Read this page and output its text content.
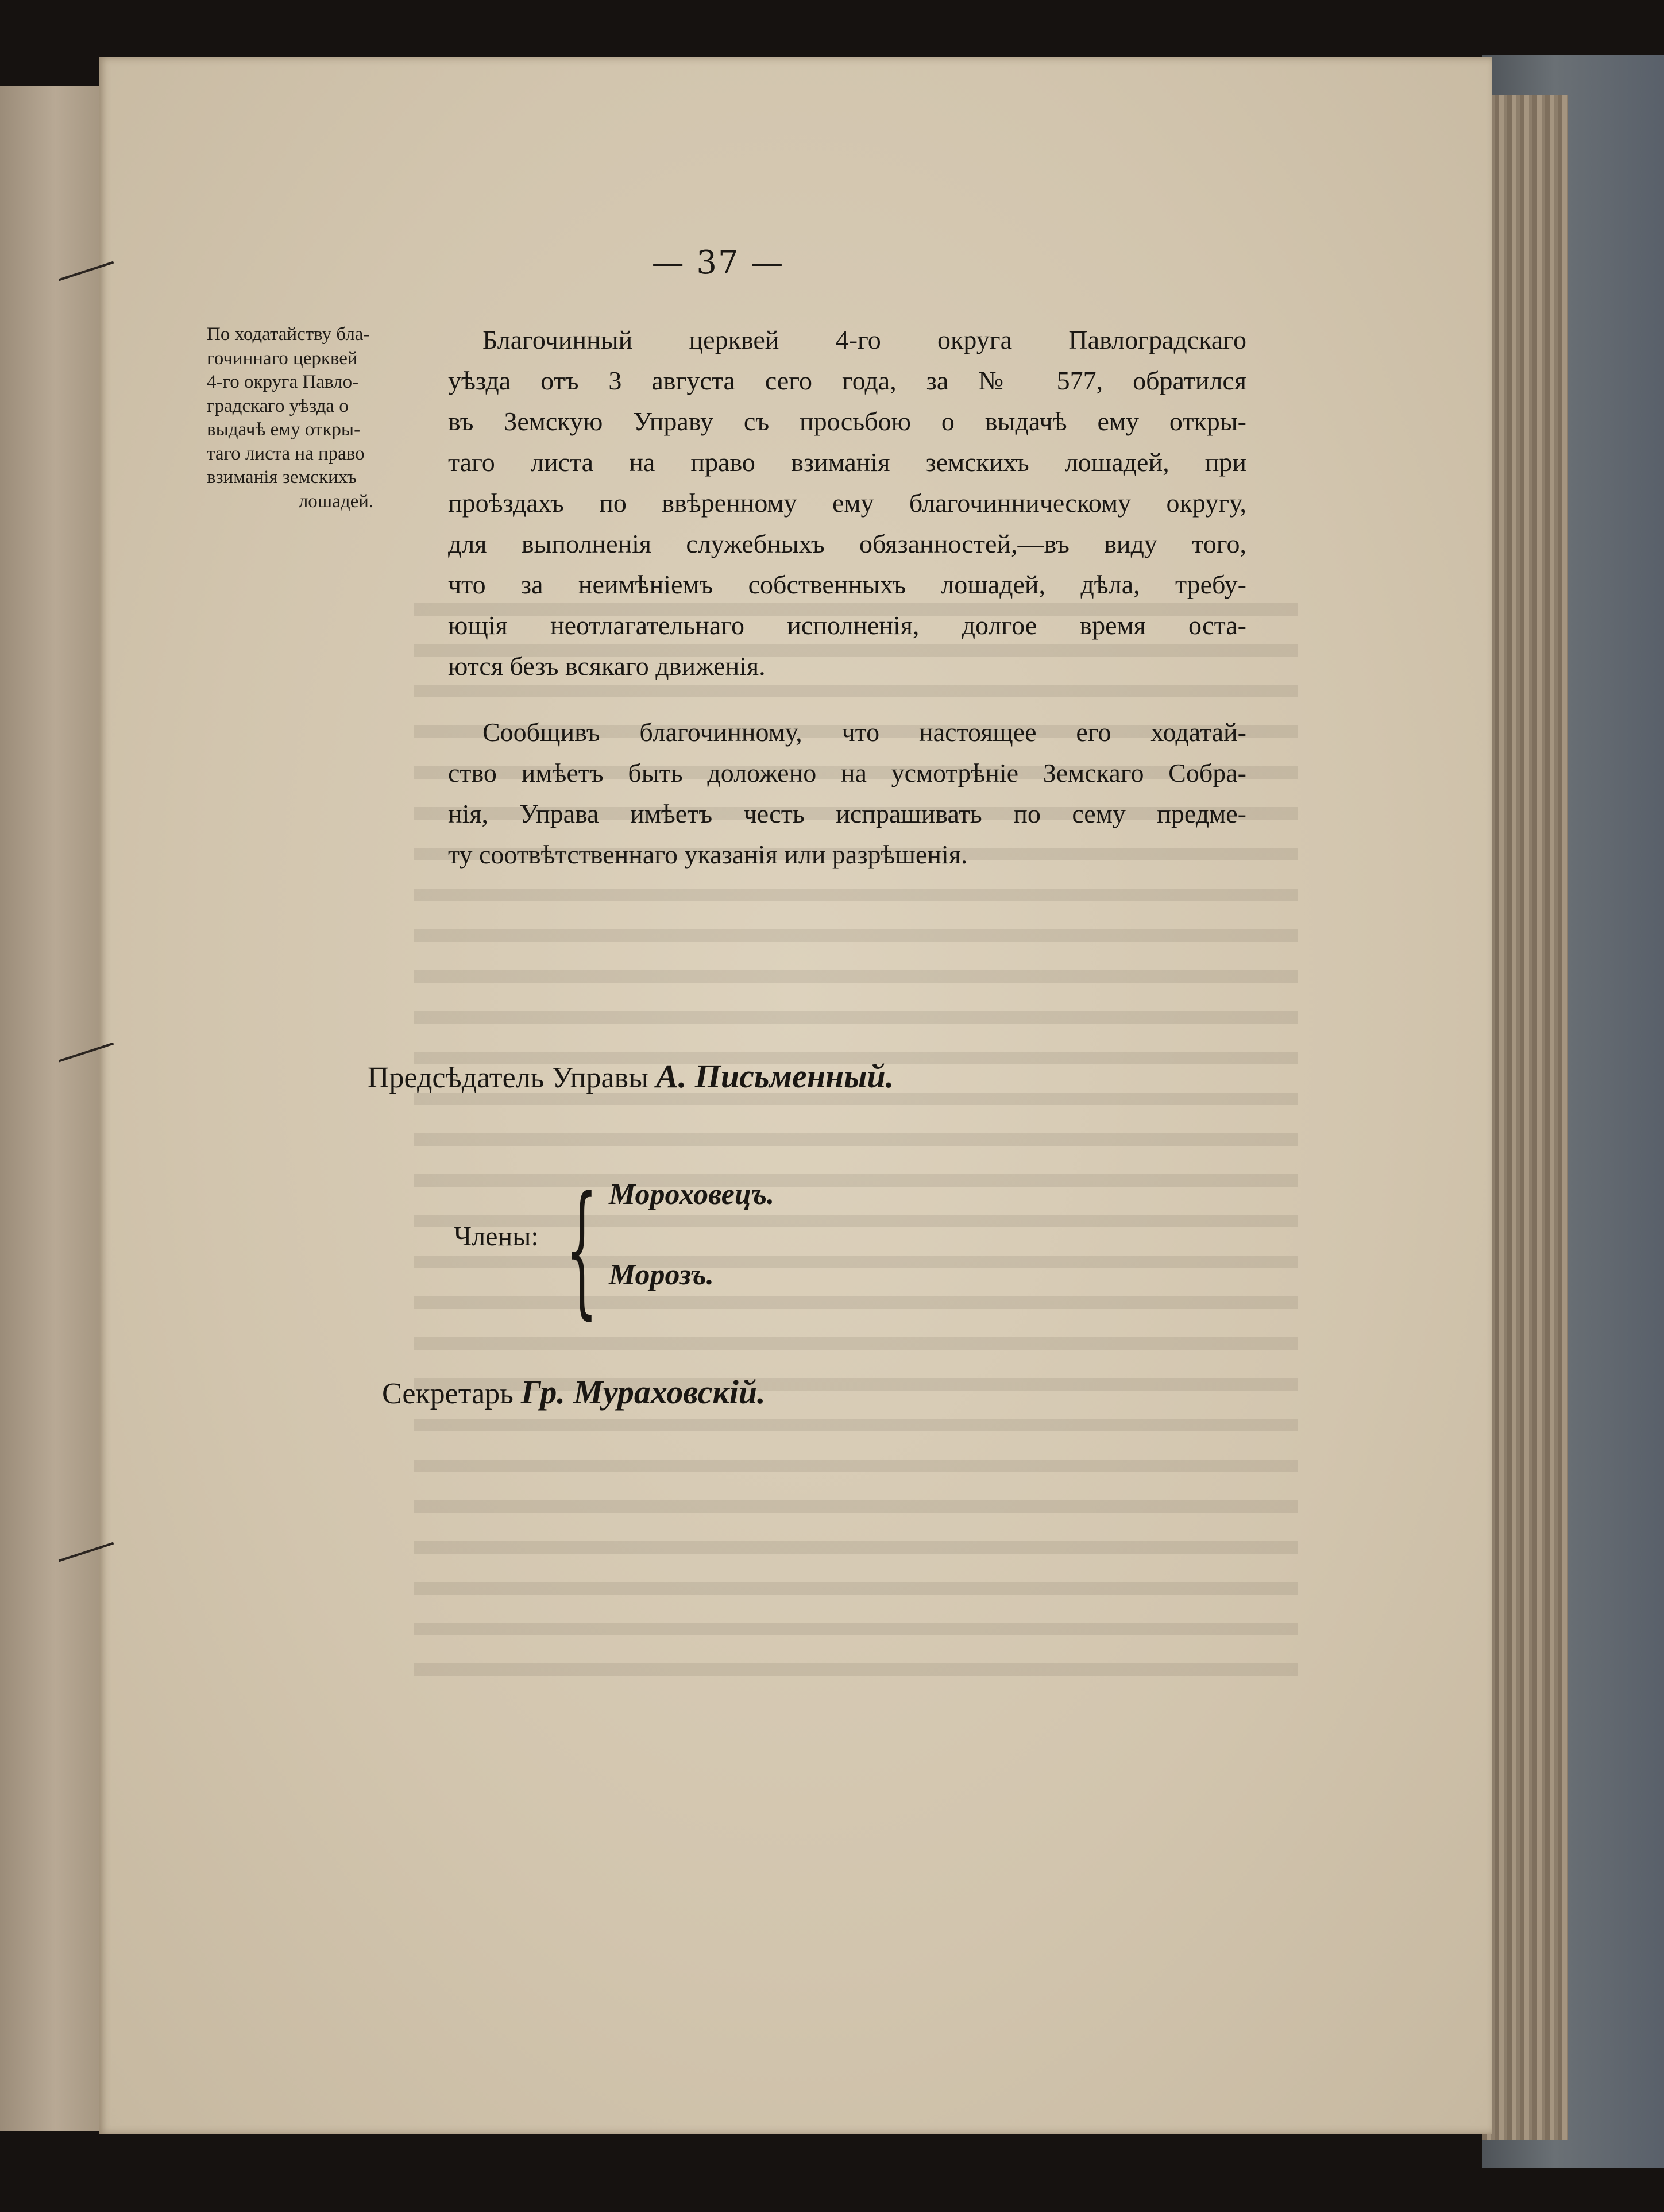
— 37 —
По ходатайству бла-
гочиннаго церквей
4-го округа Павло-
градскаго уѣзда о
выдачѣ ему откры-
таго листа на право
взиманія земскихъ
лошадей.
Благочинный церквей 4-го округа Павлоградскаго
уѣзда отъ 3 августа сего года, за № 577, обратился
въ Земскую Управу съ просьбою о выдачѣ ему откры-
таго листа на право взиманія земскихъ лошадей, при
проѣздахъ по ввѣренному ему благочинническому округу,
для выполненія служебныхъ обязанностей,—въ виду того,
что за неимѣніемъ собственныхъ лошадей, дѣла, требу-
ющія неотлагательнаго исполненія, долгое время оста-
ются безъ всякаго движенія.
Сообщивъ благочинному, что настоящее его ходатай-
ство имѣетъ быть доложено на усмотрѣніе Земскаго Собра-
нія, Управа имѣетъ честь испрашивать по сему предме-
ту соотвѣтственнаго указанія или разрѣшенія.
Предсѣдатель Управы А. Письменный.
Члены: { Мороховецъ.
Морозъ.
Секретарь Гр. Мураховскій.
